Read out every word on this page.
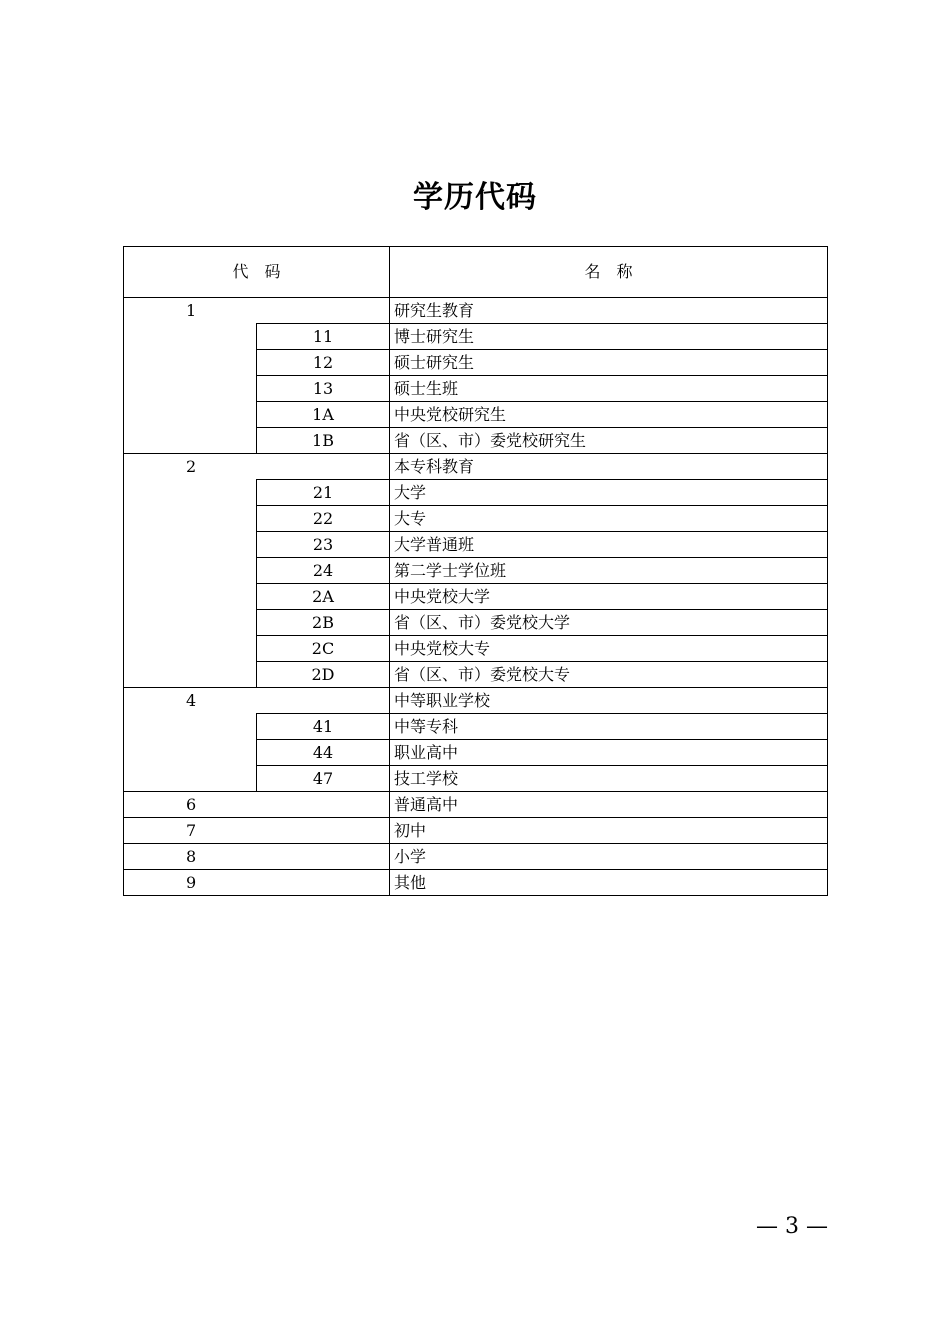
学历代码
代　码		名　称
1		研究生教育
	11	博士研究生
	12	硕士研究生
	13	硕士生班
	1A	中央党校研究生
	1B	省（区、市）委党校研究生
2		本专科教育
	21	大学
	22	大专
	23	大学普通班
	24	第二学士学位班
	2A	中央党校大学
	2B	省（区、市）委党校大学
	2C	中央党校大专
	2D	省（区、市）委党校大专
4		中等职业学校
	41	中等专科
	44	职业高中
	47	技工学校
6		普通高中
7		初中
8		小学
9		其他
— 3 —
